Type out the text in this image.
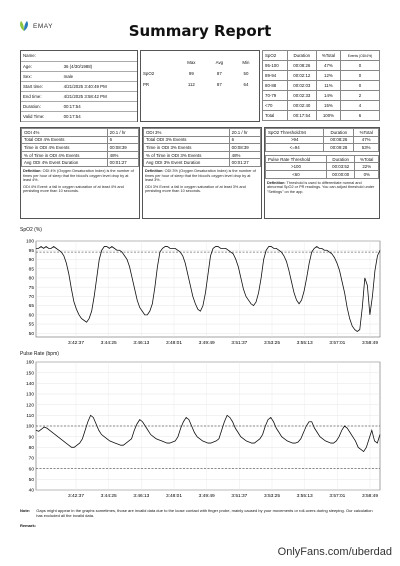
EMAY	Summary Report
Name:	
Age:	36 (4/30/1988)
Sex:	male
Start time:	4/21/2025 3:40:49 PM
End time:	4/21/2025 3:58:42 PM
Duration:	00:17:54
Valid Time:	00:17:54
	Max	Avg	Min
SpO2	99	87	50
PR	112	87	64
SpO2	Duration	%Total	Events (ODI4%)
95-100	00:08:26	47%	0
89-94	00:02:12	12%	0
80-88	00:02:03	11%	0
70-79	00:02:33	14%	2
<70	00:02:40	15%	4
Total	00:17:54	100%	6
ODI 4%	20.1 / hr
Total ODI 4% Events	6
Time in ODI 4% Events	00:08:39
% of Time in ODI 4% Events	48%
Avg ODI 4% Event Duration	00:01:27
Definition: ODI 4% (Oxygen Desaturation Index) is the number of times per hour of sleep that the blood's oxygen level drop by at least 4%.
ODI 4% Event: a fall in oxygen saturation of at least 4% and persisting more than 10 seconds.
ODI 3%	20.1 / hr
Total ODI 3% Events	6
Time in ODI 3% Events	00:08:39
% of Time in ODI 3% Events	48%
Avg ODI 3% Event Duration	00:01:27
Definition: ODI 3% (Oxygen Desaturation Index) is the number of times per hour of sleep that the blood's oxygen level drop by at least 3%.
ODI 3% Event: a fall in oxygen saturation of at least 3% and persisting more than 10 seconds.
SpO2 Threshold:94	Duration	%Total
>94	00:08:26	47%
<=94	00:09:28	53%
Pulse Rate Threshold	Duration	%Total
>100	00:03:52	22%
<60	00:00:00	0%
Definition: Threshold is used to differentiate normal and abnormal SpO2 or PR readings. You can adjust threshold under "Settings" on the app.
SpO2 (%)
50
55
60
65
70
75
80
85
90
95
100
3:42:37	3:44:25	3:46:13	3:48:01	3:49:49	3:51:37	3:53:25	3:55:13	3:57:01	3:58:49
Pulse Rate (bpm)
40
50
60
70
80
90
100
110
120
130
140
150
160
3:42:37	3:44:25	3:46:13	3:48:01	3:49:49	3:51:37	3:53:25	3:55:13	3:57:01	3:58:49
Note: Gaps might appear in the graphs sometimes, those are invalid data due to the loose contact with finger probe, mainly caused by your movements or roll-overs during sleeping. Our calculation has excluded all the invalid data.
Remark:
OnlyFans.com/uberdad
